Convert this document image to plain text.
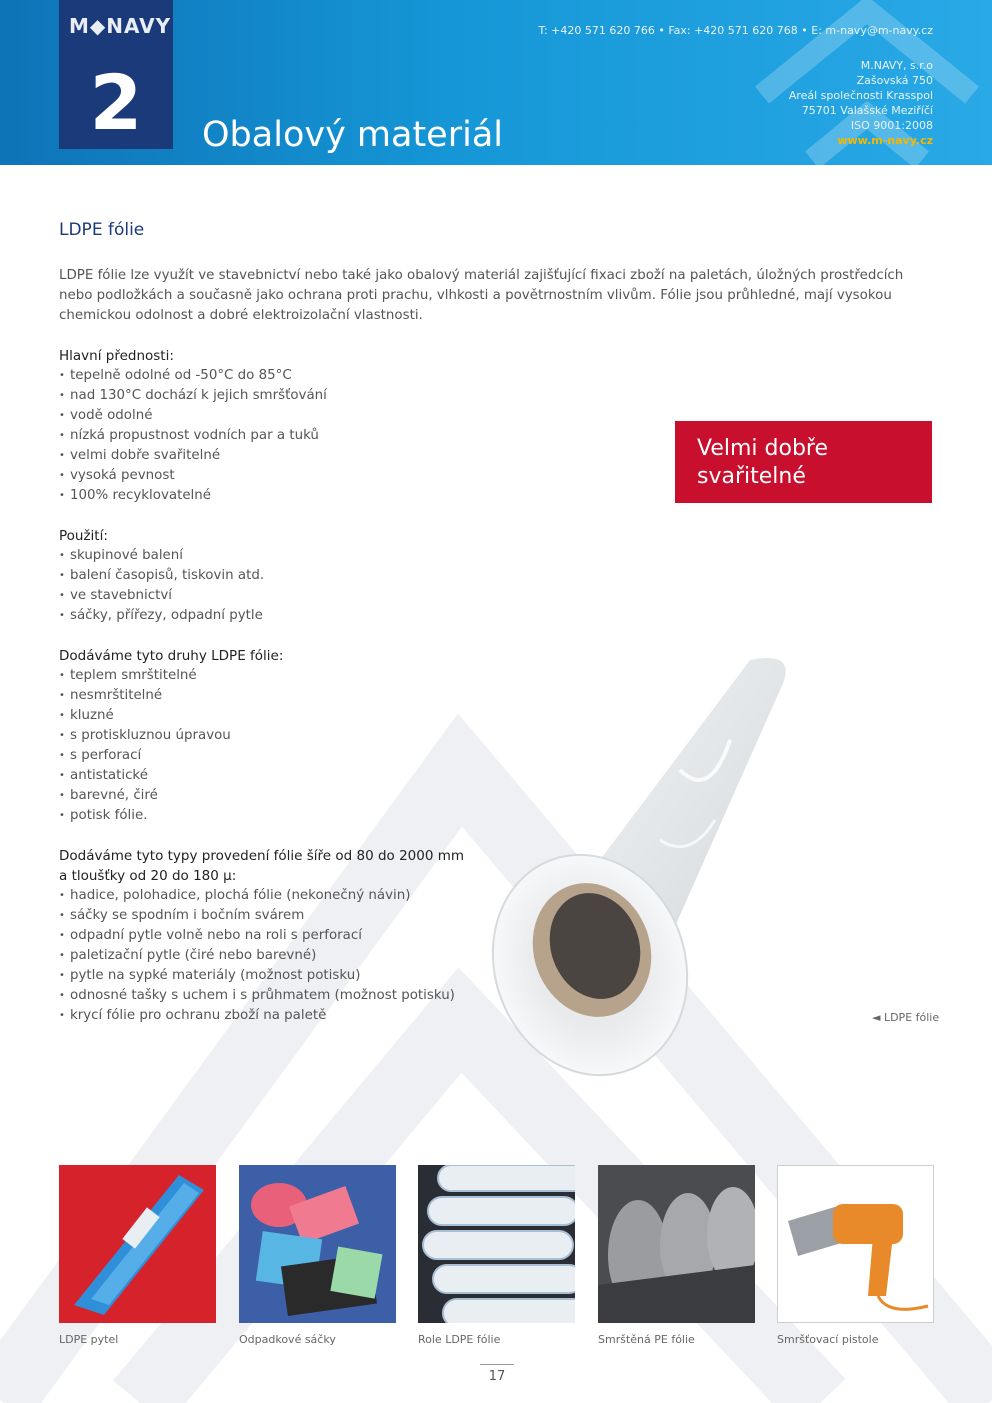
M◆NAVY
2	Obalový materiál
T: +420 571 620 766 • Fax: +420 571 620 768 • E: m-navy@m-navy.cz
M.NAVY, s.r.o
Zašovská 750
Areál společnosti Krasspol
75701 Valašské Meziříčí
ISO 9001:2008
www.m-navy.cz
LDPE fólie

LDPE fólie lze využít ve stavebnictví nebo také jako obalový materiál zajišťující fixaci zboží na paletách, úložných prostředcích nebo podložkách a současně jako ochrana proti prachu, vlhkosti a povětrnostním vlivům. Fólie jsou průhledné, mají vysokou chemickou odolnost a dobré elektroizolační vlastnosti.

Hlavní přednosti:
• tepelně odolné od -50°C do 85°C
• nad 130°C dochází k jejich smršťování
• vodě odolné
• nízká propustnost vodních par a tuků
• velmi dobře svařitelné
• vysoká pevnost
• 100% recyklovatelné
Použití:
• skupinové balení
• balení časopisů, tiskovin atd.
• ve stavebnictví
• sáčky, přířezy, odpadní pytle
Dodáváme tyto druhy LDPE fólie:
• teplem smrštitelné
• nesmrštitelné
• kluzné
• s protiskluznou úpravou
• s perforací
• antistatické
• barevné, čiré
• potisk fólie.
Dodáváme tyto typy provedení fólie šíře od 80 do 2000 mm
a tloušťky od 20 do 180 µ:
• hadice, polohadice, plochá fólie (nekonečný návin)
• sáčky se spodním i bočním svárem
• odpadní pytle volně nebo na roli s perforací
• paletizační pytle (čiré nebo barevné)
• pytle na sypké materiály (možnost potisku)
• odnosné tašky s uchem i s průhmatem (možnost potisku)
• krycí fólie pro ochranu zboží na paletě
Velmi dobře
svařitelné
◄ LDPE fólie
LDPE pytel	Odpadkové sáčky	Role LDPE fólie	Smrštěná PE fólie	Smršťovací pistole
17
